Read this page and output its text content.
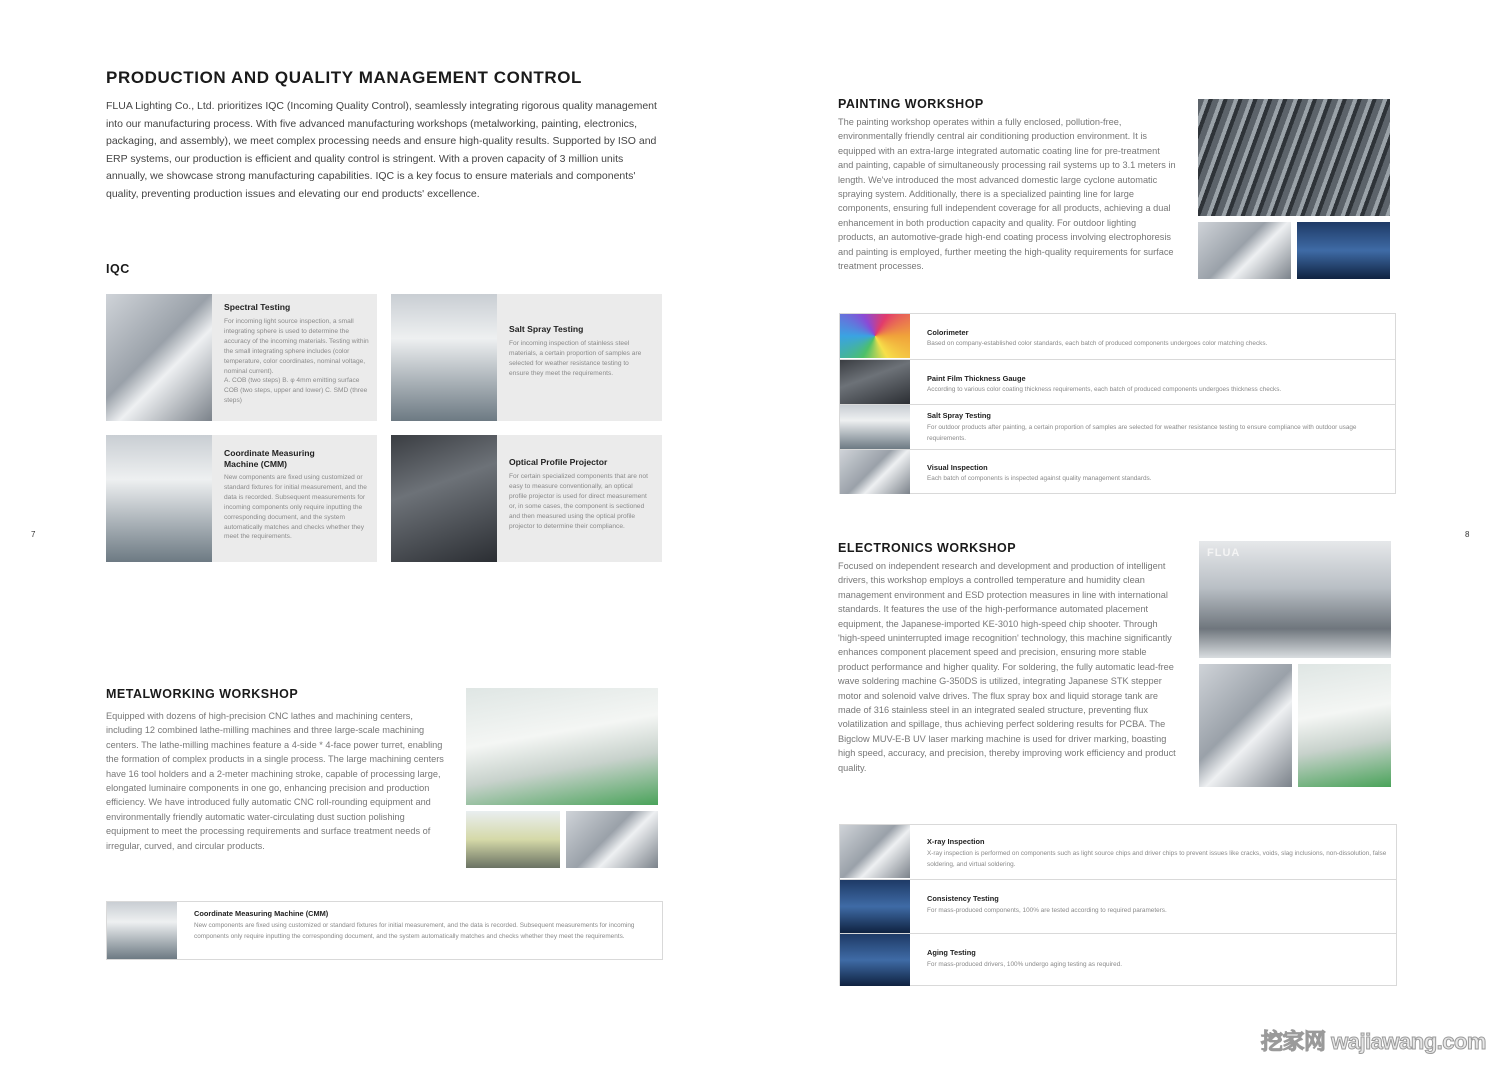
PRODUCTION AND QUALITY MANAGEMENT CONTROL
FLUA Lighting Co., Ltd. prioritizes IQC (Incoming Quality Control), seamlessly integrating rigorous quality management into our manufacturing process. With five advanced manufacturing workshops (metalworking, painting, electronics, packaging, and assembly), we meet complex processing needs and ensure high-quality results. Supported by ISO and ERP systems, our production is efficient and quality control is stringent. With a proven capacity of 3 million units annually, we showcase strong manufacturing capabilities. IQC is a key focus to ensure materials and components' quality, preventing production issues and elevating our end products' excellence.
IQC
Spectral Testing
For incoming light source inspection, a small integrating sphere is used to determine the accuracy of the incoming materials. Testing within the small integrating sphere includes (color temperature, color coordinates, nominal voltage, nominal current).
A. COB (two steps) B. φ 4mm emitting surface COB (two steps, upper and lower) C. SMD (three steps)
Salt Spray Testing
For incoming inspection of stainless steel materials, a certain proportion of samples are selected for weather resistance testing to ensure they meet the requirements.
Coordinate Measuring Machine (CMM)
New components are fixed using customized or standard fixtures for initial measurement, and the data is recorded. Subsequent measurements for incoming components only require inputting the corresponding document, and the system automatically matches and checks whether they meet the requirements.
Optical Profile Projector
For certain specialized components that are not easy to measure conventionally, an optical profile projector is used for direct measurement or, in some cases, the component is sectioned and then measured using the optical profile projector to determine their compliance.
METALWORKING WORKSHOP
Equipped with dozens of high-precision CNC lathes and machining centers, including 12 combined lathe-milling machines and three large-scale machining centers. The lathe-milling machines feature a 4-side * 4-face power turret, enabling the formation of complex products in a single process. The large machining centers have 16 tool holders and a 2-meter machining stroke, capable of processing large, elongated luminaire components in one go, enhancing precision and production efficiency. We have introduced fully automatic CNC roll-rounding equipment and environmentally friendly automatic water-circulating dust suction polishing equipment to meet the processing requirements and surface treatment needs of irregular, curved, and circular products.
Coordinate Measuring Machine (CMM)
New components are fixed using customized or standard fixtures for initial measurement, and the data is recorded. Subsequent measurements for incoming components only require inputting the corresponding document, and the system automatically matches and checks whether they meet the requirements.
7
PAINTING WORKSHOP
The painting workshop operates within a fully enclosed, pollution-free, environmentally friendly central air conditioning production environment. It is equipped with an extra-large integrated automatic coating line for pre-treatment and painting, capable of simultaneously processing rail systems up to 3.1 meters in length. We've introduced the most advanced domestic large cyclone automatic spraying system. Additionally, there is a specialized painting line for large components, ensuring full independent coverage for all products, achieving a dual enhancement in both production capacity and quality. For outdoor lighting products, an automotive-grade high-end coating process involving electrophoresis and painting is employed, further meeting the high-quality requirements for surface treatment processes.
Colorimeter
Based on company-established color standards, each batch of produced components undergoes color matching checks.
Paint Film Thickness Gauge
According to various color coating thickness requirements, each batch of produced components undergoes thickness checks.
Salt Spray Testing
For outdoor products after painting, a certain proportion of samples are selected for weather resistance testing to ensure compliance with outdoor usage requirements.
Visual Inspection
Each batch of components is inspected against quality management standards.
ELECTRONICS WORKSHOP
Focused on independent research and development and production of intelligent drivers, this workshop employs a controlled temperature and humidity clean management environment and ESD protection measures in line with international standards. It features the use of the high-performance automated placement equipment, the Japanese-imported KE-3010 high-speed chip shooter. Through 'high-speed uninterrupted image recognition' technology, this machine significantly enhances component placement speed and precision, ensuring more stable product performance and higher quality. For soldering, the fully automatic lead-free wave soldering machine G-350DS is utilized, integrating Japanese STK stepper motor and solenoid valve drives. The flux spray box and liquid storage tank are made of 316 stainless steel in an integrated sealed structure, preventing flux volatilization and spillage, thus achieving perfect soldering results for PCBA. The Bigclow MUV-E-B UV laser marking machine is used for driver marking, boasting high speed, accuracy, and precision, thereby improving work efficiency and product quality.
FLUA
X-ray Inspection
X-ray inspection is performed on components such as light source chips and driver chips to prevent issues like cracks, voids, slag inclusions, non-dissolution, false soldering, and virtual soldering.
Consistency Testing
For mass-produced components, 100% are tested according to required parameters.
Aging Testing
For mass-produced drivers, 100% undergo aging testing as required.
8
挖家网 wajiawang.com
